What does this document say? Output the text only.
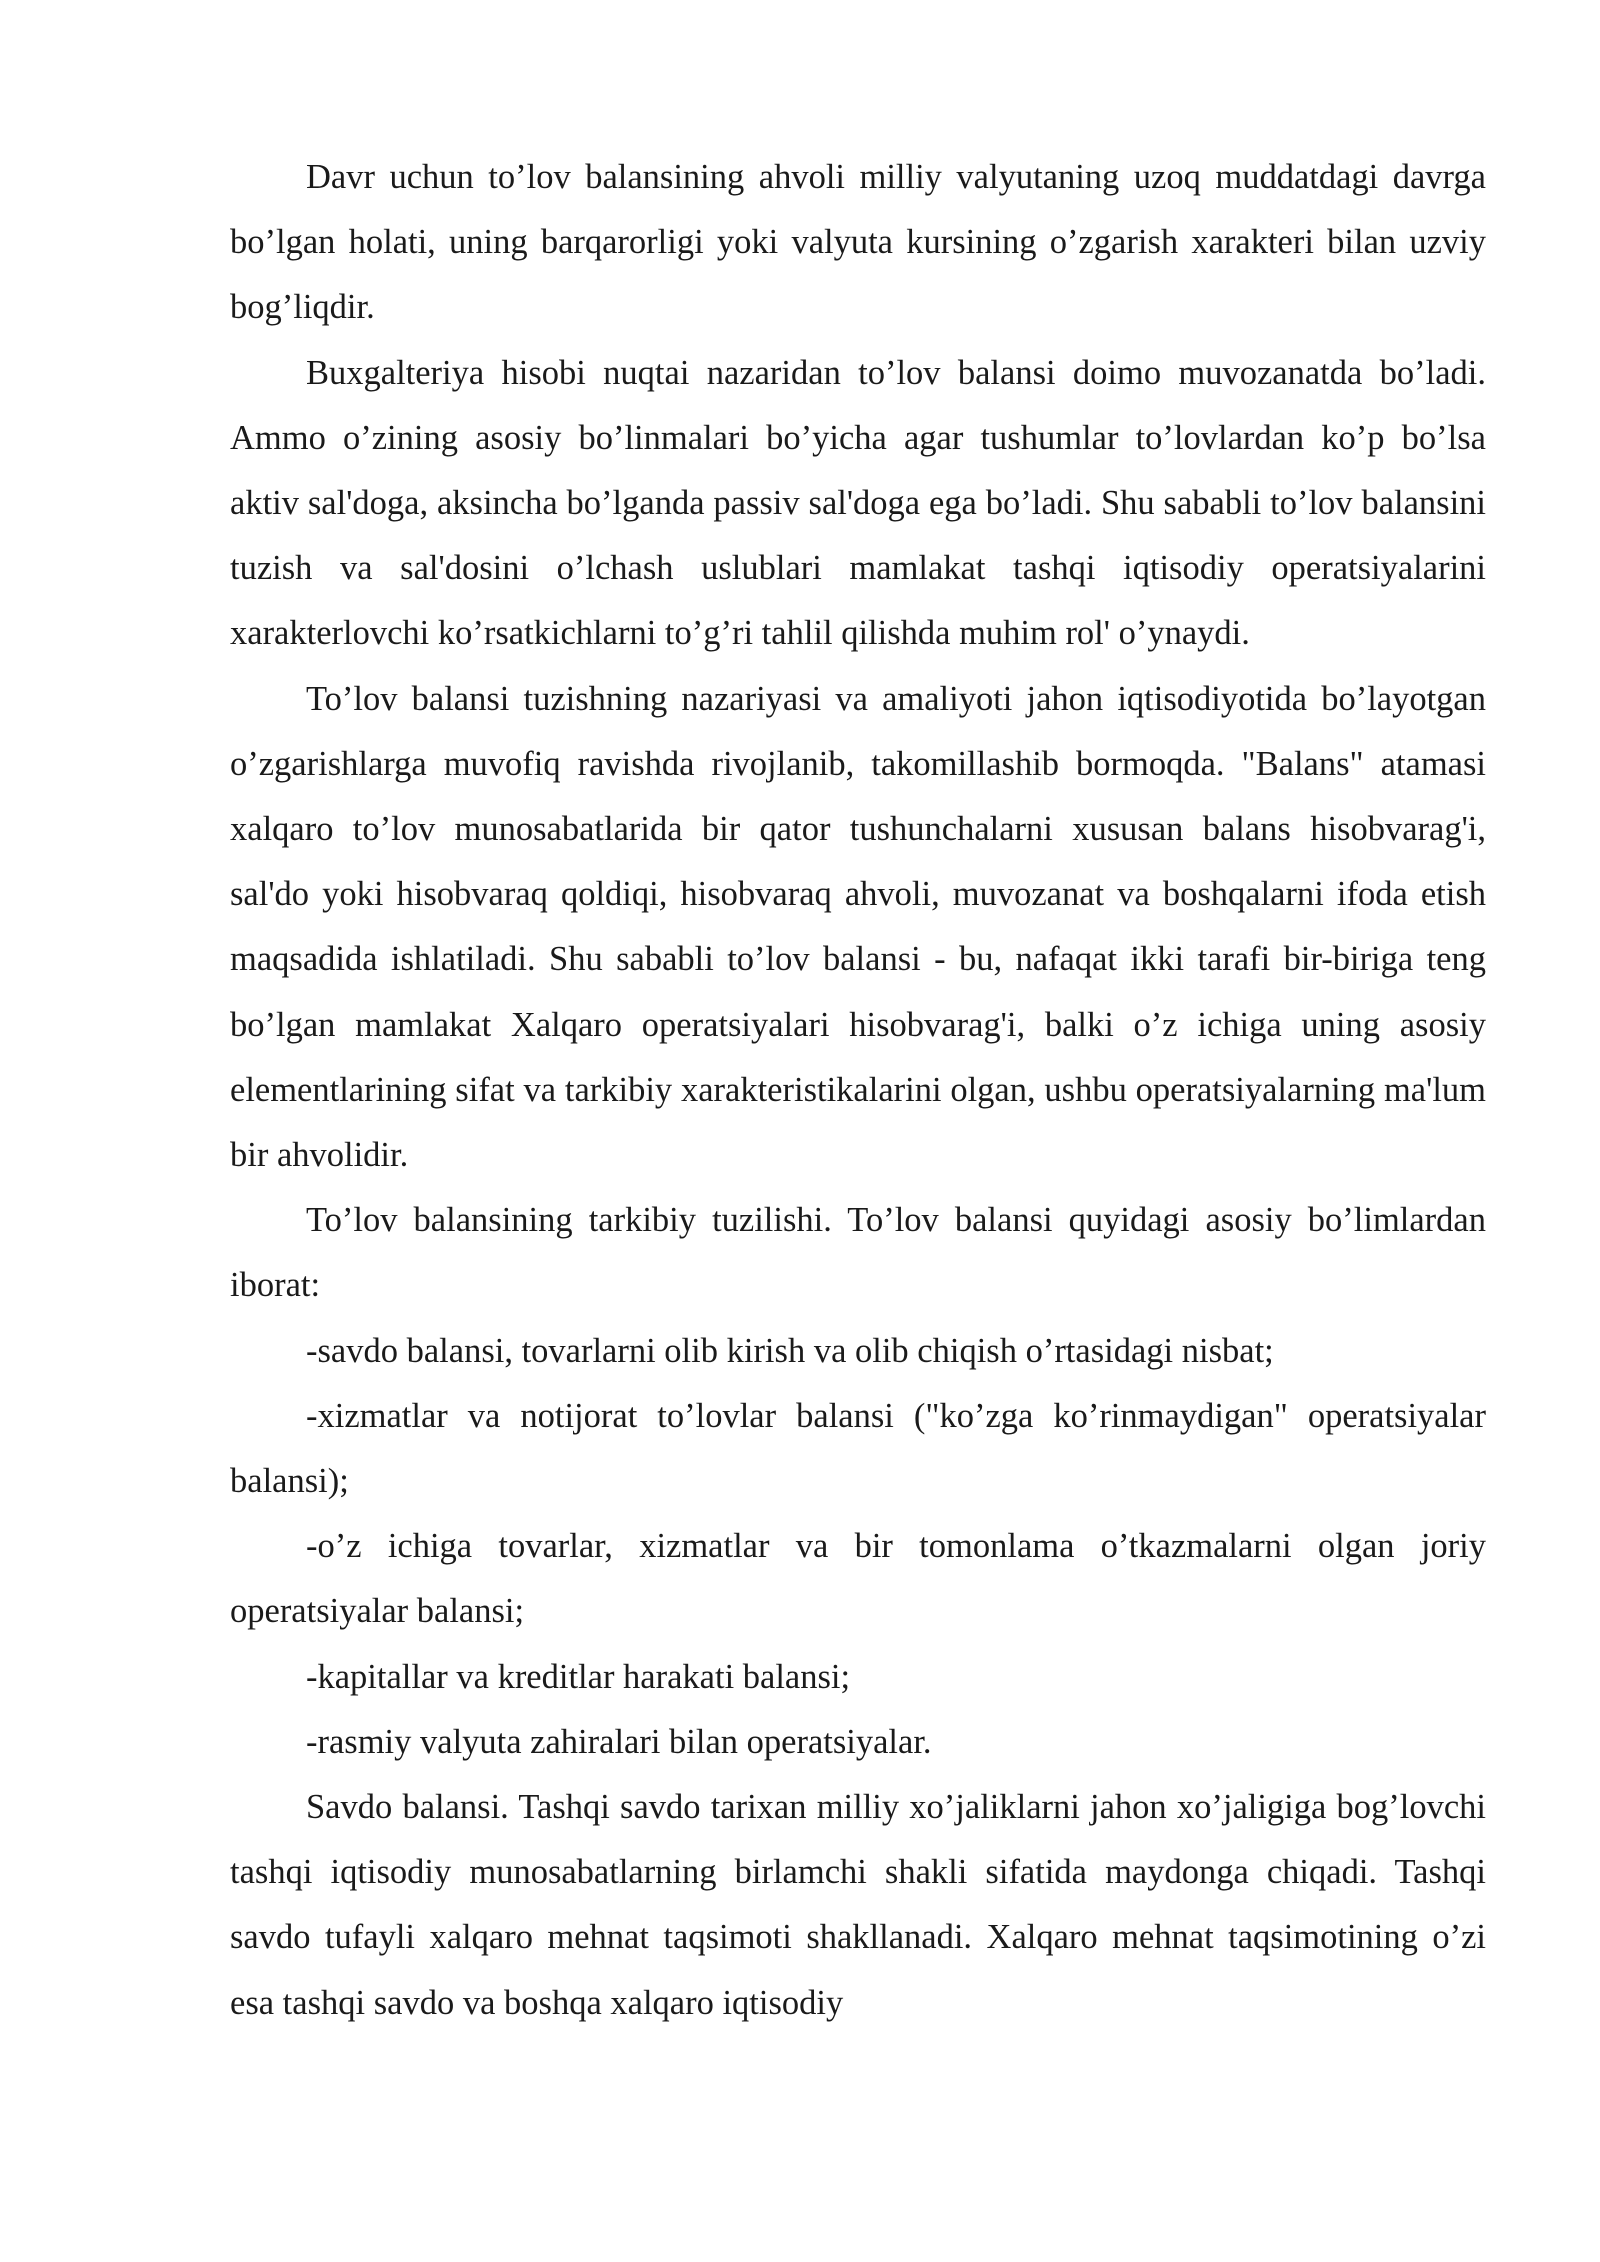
Davr uchun to’lov balansining ahvoli milliy valyutaning uzoq muddatdagi davrga bo’lgan holati, uning barqarorligi yoki valyuta kursining o’zgarish xarakteri bilan uzviy bog’liqdir.

Buxgalteriya hisobi nuqtai nazaridan to’lov balansi doimo muvozanatda bo’ladi. Ammo o’zining asosiy bo’linmalari bo’yicha agar tushumlar to’lovlardan ko’p bo’lsa aktiv sal'doga, aksincha bo’lganda passiv sal'doga ega bo’ladi. Shu sababli to’lov balansini tuzish va sal'dosini o’lchash uslublari mamlakat tashqi iqtisodiy operatsiyalarini xarakterlovchi ko’rsatkichlarni to’g’ri tahlil qilishda muhim rol' o’ynaydi.

To’lov balansi tuzishning nazariyasi va amaliyoti jahon iqtisodiyotida bo’layotgan o’zgarishlarga muvofiq ravishda rivojlanib, takomillashib bormoqda. "Balans" atamasi xalqaro to’lov munosabatlarida bir qator tushunchalarni xususan balans hisobvarag'i, sal'do yoki hisobvaraq qoldiqi, hisobvaraq ahvoli, muvozanat va boshqalarni ifoda etish maqsadida ishlatiladi. Shu sababli to’lov balansi - bu, nafaqat ikki tarafi bir-biriga teng bo’lgan mamlakat Xalqaro operatsiyalari hisobvarag'i, balki o’z ichiga uning asosiy elementlarining sifat va tarkibiy xarakteristikalarini olgan, ushbu operatsiyalarning ma'lum bir ahvolidir.

To’lov balansining tarkibiy tuzilishi. To’lov balansi quyidagi asosiy bo’limlardan iborat:

-savdo balansi, tovarlarni olib kirish va olib chiqish o’rtasidagi nisbat;

-xizmatlar va notijorat to’lovlar balansi ("ko’zga ko’rinmaydigan" operatsiyalar balansi);

-o’z ichiga tovarlar, xizmatlar va bir tomonlama o’tkazmalarni olgan joriy operatsiyalar balansi;

-kapitallar va kreditlar harakati balansi;

-rasmiy valyuta zahiralari bilan operatsiyalar.

Savdo balansi. Tashqi savdo tarixan milliy xo’jaliklarni jahon xo’jaligiga bog’lovchi tashqi iqtisodiy munosabatlarning birlamchi shakli sifatida maydonga chiqadi. Tashqi savdo tufayli xalqaro mehnat taqsimoti shakllanadi. Xalqaro mehnat taqsimotining o’zi esa tashqi savdo va boshqa xalqaro iqtisodiy
